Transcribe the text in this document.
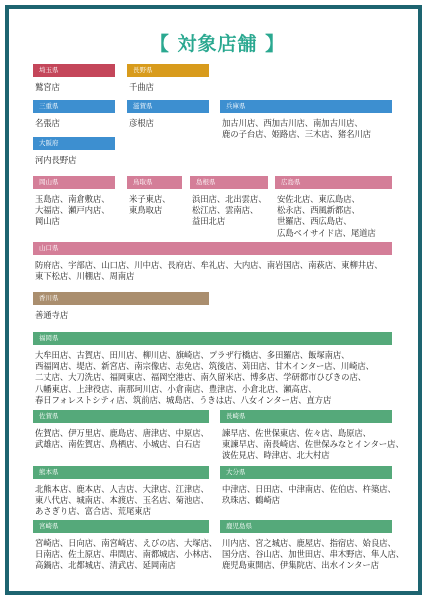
【 対象店舗 】
埼玉県
鷲宮店
長野県
千曲店
三重県
名張店
滋賀県
彦根店
兵庫県
加古川店、西加古川店、南加古川店、
鹿の子台店、姫路店、三木店、猪名川店
大阪府
河内長野店
岡山県
玉島店、南倉敷店、
大福店、瀬戸内店、
岡山店
鳥取県
米子東店、
東鳥取店
島根県
浜田店、北出雲店、
松江店、雲南店、
益田北店
広島県
安佐北店、東広島店、
松永店、西風新都店、
世羅店、西広島店、
広島ベイサイド店、尾道店
山口県
防府店、宇部店、山口店、川中店、長府店、牟礼店、大内店、南岩国店、南萩店、東柳井店、
東下松店、川棚店、周南店
香川県
善通寺店
福岡県
大牟田店、古賀店、田川店、柳川店、旗崎店、プラザ行橋店、多田羅店、飯塚南店、
西福岡店、堤店、新宮店、南宗像店、志免店、筑後店、苅田店、甘木インター店、川崎店、
二丈店、大刀洗店、福岡東店、福岡空港店、南久留米店、博多店、学研都市ひびきの店、
八幡東店、上津役店、南那珂川店、小倉南店、豊津店、小倉北店、瀬高店、
春日フォレストシティ店、筑前店、城島店、うきは店、八女インター店、直方店
佐賀県
佐賀店、伊万里店、鹿島店、唐津店、中原店、
武雄店、南佐賀店、鳥栖店、小城店、白石店
長崎県
諫早店、佐世保東店、佐々店、島原店、
東諫早店、南長崎店、佐世保みなとインター店、
波佐見店、時津店、北大村店
熊本県
北熊本店、鹿本店、人吉店、大津店、江津店、
東八代店、城南店、本渡店、玉名店、菊池店、
あさぎり店、富合店、荒尾東店
大分県
中津店、日田店、中津南店、佐伯店、杵築店、
玖珠店、鶴崎店
宮崎県
宮崎店、日向店、南宮崎店、えびの店、大塚店、
日南店、佐土原店、串間店、南都城店、小林店、
高鍋店、北都城店、清武店、延岡南店
鹿児島県
川内店、宮之城店、鹿屋店、指宿店、姶良店、
国分店、谷山店、加世田店、串木野店、隼人店、
鹿児島東開店、伊集院店、出水インター店
